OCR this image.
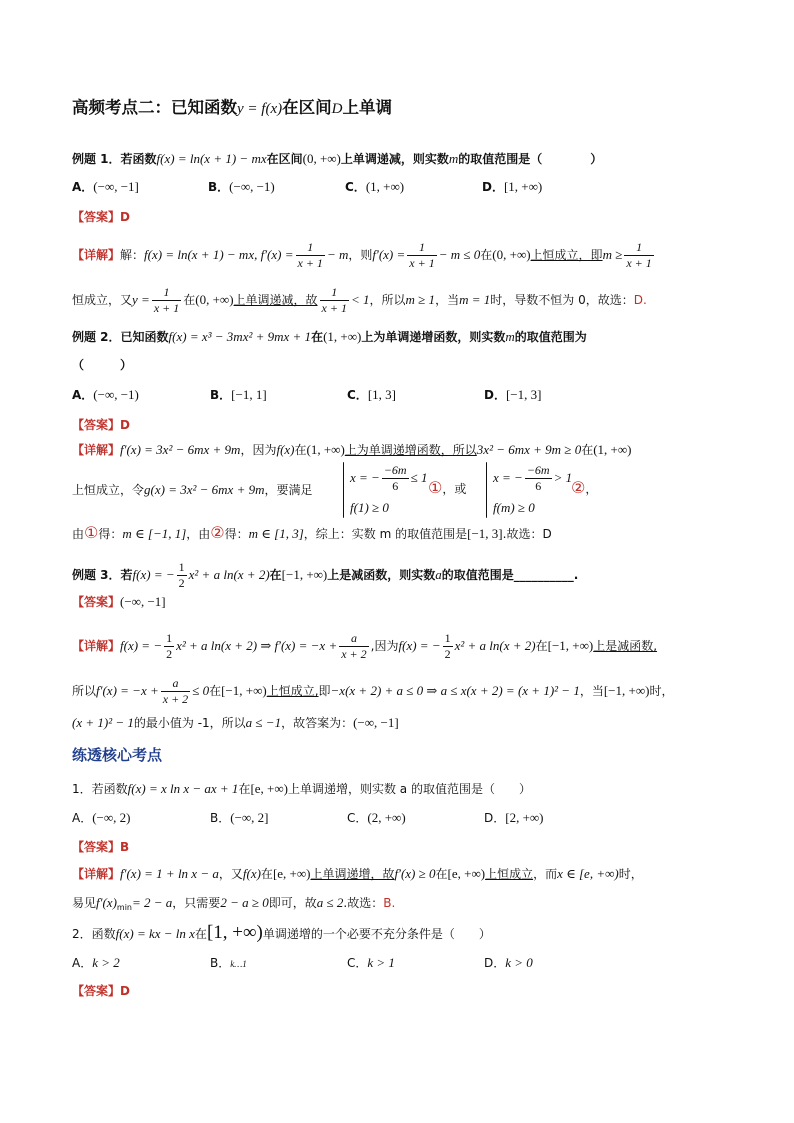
高频考点二：已知函数y = f(x)在区间D上单调
例题 1．若函数f(x) = ln(x + 1) − mx在区间(0, +∞)上单调递减，则实数m的取值范围是（　　　　）
A．(−∞, −1]	B．(−∞, −1)	C．(1, +∞)	D．[1, +∞)
【答案】D
【详解】解：f(x) = ln(x + 1) − mx, $f'(x) = \frac{1}{x + 1} - m$，则$f'(x) = \frac{1}{x + 1} - m \le 0$在(0, +∞)上恒成立，即$m \ge \frac{1}{x + 1}$
恒成立，又$y = \frac{1}{x + 1}$ 在(0, +∞)上单调递减，故 $\frac{1}{x + 1} < 1$，所以m ≥ 1，当m = 1时，导数不恒为 0，故选：D.
例题 2．已知函数f(x) = x³ − 3mx² + 9mx + 1在(1, +∞)上为单调递增函数，则实数m的取值范围为
（　　　）
A．(−∞, −1)	B．[−1, 1]	C．[1, 3]	D．[−1, 3]
【答案】D
【详解】f′(x) = 3x² − 6mx + 9m，因为f(x)在(1, +∞)上为单调递增函数，所以3x² − 6mx + 9m ≥ 0在(1, +∞)
上恒成立，令g(x) = 3x² − 6mx + 9m，要满足
x = − $\frac{-6m}{6} \le 1$
f(1) ≥ 0
①，或
x = − $\frac{-6m}{6} > 1$
f(m) ≥ 0
②，
由①得：m ∈ [−1, 1]，由②得：m ∈ [1, 3]，综上：实数 m 的取值范围是[−1, 3].故选：D
例题 3．若f(x) = − $\frac{1}{2} x^2 + a$ ln(x + 2)在[−1, +∞)上是减函数，则实数a的取值范围是__________.
【答案】(−∞, −1]
【详解】f(x) = − $\frac{1}{2} x^2 + a$ ln(x + 2) ⇒ $f'(x) = -x + \frac{a}{x + 2}$ ,因为f(x) = − $\frac{1}{2} x^2 + a$ ln(x + 2)在[−1, +∞)上是减函数,
所以$f'(x) = -x + \frac{a}{x + 2} \le 0$在[−1, +∞)上恒成立,即−x(x + 2) + a ≤ 0 ⇒ a ≤ x(x + 2) = (x + 1)² − 1，当[−1, +∞)时，
(x + 1)² − 1的最小值为 -1，所以a ≤ −1，故答案为：(−∞, −1]
练透核心考点
1．若函数f(x) = x ln x − ax + 1在[e, +∞)上单调递增，则实数 a 的取值范围是（　　）
A．(−∞, 2)	B．(−∞, 2]	C．(2, +∞)	D．[2, +∞)
【答案】B
【详解】f′(x) = 1 + ln x − a，又f(x)在[e, +∞)上单调递增，故f′(x) ≥ 0在[e, +∞)上恒成立，而x ∈ [e, +∞)时，
易见$f'(x)_{min}= 2 - a$，只需要2 − a ≥ 0即可，故a ≤ 2.故选：B.
2．函数f(x) = kx − ln x在[1, +∞)单调递增的一个必要不充分条件是（　　）
A．k > 2	B．k…1	C．k > 1	D．k > 0
【答案】D
